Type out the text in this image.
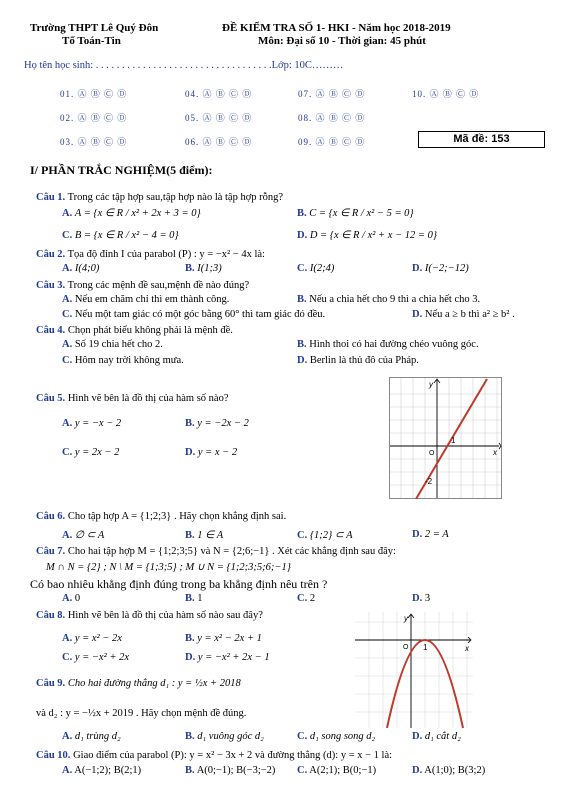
Trường THPT Lê Quý Đôn
Tổ Toán-Tin
ĐỀ KIỂM TRA SỐ 1- HKI - Năm học 2018-2019
Môn: Đại số 10 - Thời gian: 45 phút
Họ tên học sinh: . . . . . . . . . . . . . . . . . . . . . . . . . . . . . . . . . .Lớp: 10C………
01. Ⓐ Ⓑ Ⓒ Ⓓ	04. Ⓐ Ⓑ Ⓒ Ⓓ	07. Ⓐ Ⓑ Ⓒ Ⓓ	10. Ⓐ Ⓑ Ⓒ Ⓓ
02. Ⓐ Ⓑ Ⓒ Ⓓ	05. Ⓐ Ⓑ Ⓒ Ⓓ	08. Ⓐ Ⓑ Ⓒ Ⓓ
03. Ⓐ Ⓑ Ⓒ Ⓓ	06. Ⓐ Ⓑ Ⓒ Ⓓ	09. Ⓐ Ⓑ Ⓒ Ⓓ	Mã đề: 153
I/ PHẦN TRẮC NGHIỆM(5 điểm):
Câu 1. Trong các tập hợp sau,tập hợp nào là tập hợp rỗng?
A. A = {x ∈ R / x² + 2x + 3 = 0}	B. C = {x ∈ R / x² − 5 = 0}
C. B = {x ∈ R / x² − 4 = 0}	D. D = {x ∈ R / x² + x − 12 = 0}
Câu 2. Tọa độ đỉnh I của parabol (P) : y = −x² − 4x là:
A. I(4;0)	B. I(1;3)	C. I(2;4)	D. I(−2;−12)
Câu 3. Trong các mệnh đề sau,mệnh đề nào đúng?
A. Nếu em chăm chỉ thì em thành công.	B. Nếu a chia hết cho 9 thì a chia hết cho 3.
C. Nếu một tam giác có một góc bằng 60° thì tam giác đó đều.	D. Nếu a ≥ b thì a² ≥ b² .
Câu 4. Chọn phát biểu không phải là mệnh đề.
A. Số 19 chia hết cho 2.	B. Hình thoi có hai đường chéo vuông góc.
C. Hôm nay trời không mưa.	D. Berlin là thủ đô của Pháp.
Câu 5. Hình vẽ bên là đồ thị của hàm số nào?
A. y = −x − 2	B. y = −2x − 2
C. y = 2x − 2	D. y = x − 2
y
x
1
-2
O
Câu 6. Cho tập hợp A = {1;2;3} . Hãy chọn khẳng định sai.
A. ∅ ⊂ A	B. 1 ∈ A	C. {1;2} ⊂ A	D. 2 = A
Câu 7. Cho hai tập hợp M = {1;2;3;5} và N = {2;6;−1} . Xét các khẳng định sau đây:
M ∩ N = {2} ; N \ M = {1;3;5} ; M ∪ N = {1;2;3;5;6;−1}
Có bao nhiêu khẳng định đúng trong ba khẳng định nêu trên ?
A. 0	B. 1	C. 2	D. 3
Câu 8. Hình vẽ bên là đồ thị của hàm số nào sau đây?
A. y = x² − 2x	B. y = x² − 2x + 1
C. y = −x² + 2x	D. y = −x² + 2x − 1
y
x
1
O
Câu 9. Cho hai đường thẳng d₁ : y = ½x + 2018
và d₂ : y = −½x + 2019 . Hãy chọn mệnh đề đúng.
A. d₁ trùng d₂	B. d₁ vuông góc d₂	C. d₁ song song d₂	D. d₁ cắt d₂
Câu 10. Giao điểm của parabol (P): y = x² − 3x + 2 và đường thẳng (d): y = x − 1 là:
A. A(−1;2); B(2;1)	B. A(0;−1); B(−3;−2) C. A(2;1); B(0;−1)	D. A(1;0); B(3;2)
